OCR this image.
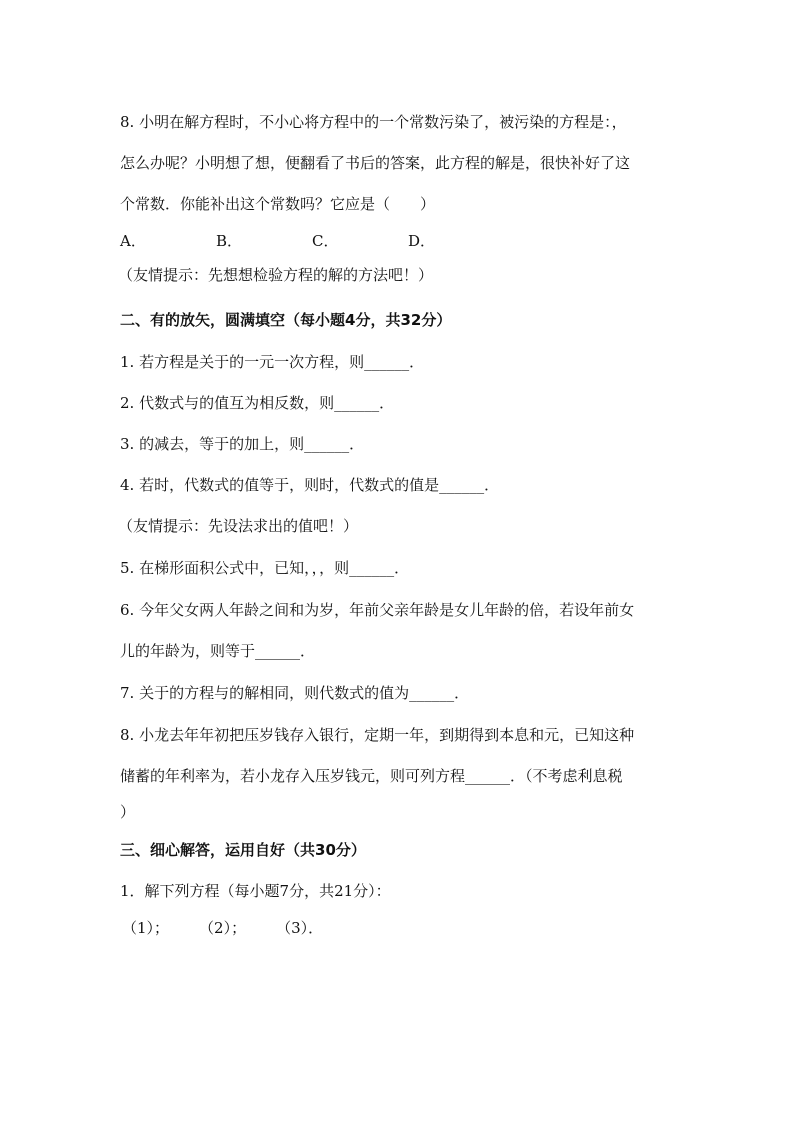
8. 小明在解方程时，不小心将方程中的一个常数污染了，被污染的方程是：，
怎么办呢？小明想了想，便翻看了书后的答案，此方程的解是，很快补好了这
个常数．你能补出这个常数吗？它应是（　　）
A．	B．	C．	D．
（友情提示：先想想检验方程的解的方法吧！）
二、有的放矢，圆满填空（每小题4分，共32分）
1. 若方程是关于的一元一次方程，则______．
2. 代数式与的值互为相反数，则______．
3. 的减去，等于的加上，则______．
4. 若时，代数式的值等于，则时，代数式的值是______．
（友情提示：先设法求出的值吧！）
5. 在梯形面积公式中，已知，，，则______．
6. 今年父女两人年龄之间和为岁，年前父亲年龄是女儿年龄的倍，若设年前女
儿的年龄为，则等于______．
7. 关于的方程与的解相同，则代数式的值为______．
8. 小龙去年年初把压岁钱存入银行，定期一年，到期得到本息和元，已知这种
储蓄的年利率为，若小龙存入压岁钱元，则可列方程______．（不考虑利息税
）
三、细心解答，运用自好（共30分）
1．解下列方程（每小题7分，共21分）：
（1）； （2）； （3）．
